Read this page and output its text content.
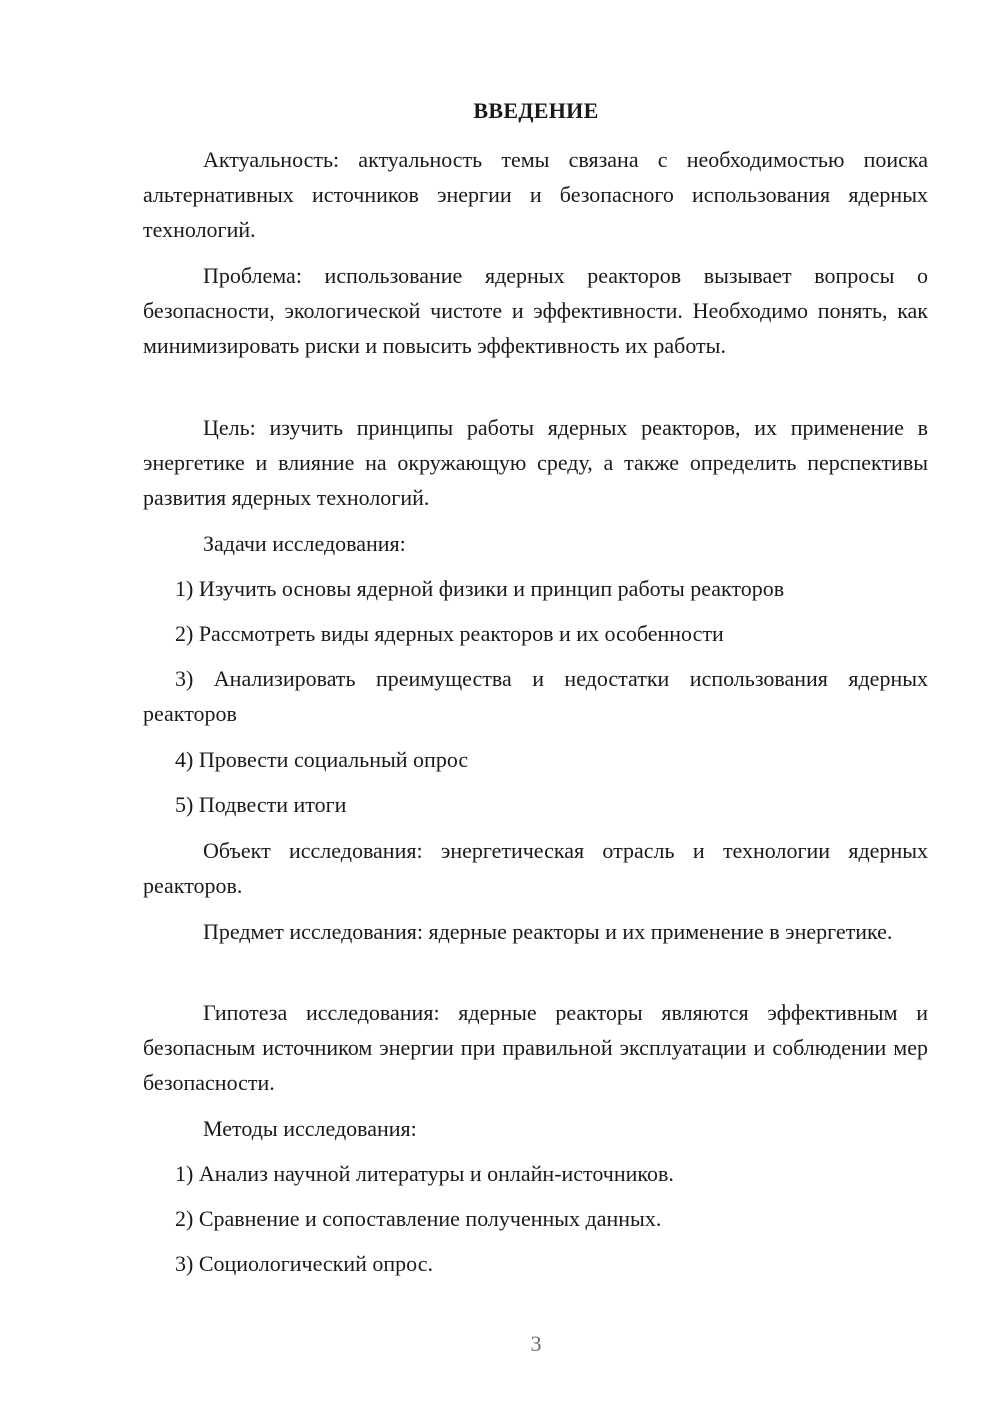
ВВЕДЕНИЕ
Актуальность: актуальность темы связана с необходимостью поиска альтернативных источников энергии и безопасного использования ядерных технологий.
Проблема: использование ядерных реакторов вызывает вопросы о безопасности, экологической чистоте и эффективности. Необходимо понять, как минимизировать риски и повысить эффективность их работы.
Цель: изучить принципы работы ядерных реакторов, их применение в энергетике и влияние на окружающую среду, а также определить перспективы развития ядерных технологий.
Задачи исследования:
1) Изучить основы ядерной физики и принцип работы реакторов
2) Рассмотреть виды ядерных реакторов и их особенности
3) Анализировать преимущества и недостатки использования ядерных реакторов
4) Провести социальный опрос
5) Подвести итоги
Объект исследования: энергетическая отрасль и технологии ядерных реакторов.
Предмет исследования: ядерные реакторы и их применение в энергетике.
Гипотеза исследования: ядерные реакторы являются эффективным и безопасным источником энергии при правильной эксплуатации и соблюдении мер безопасности.
Методы исследования:
1) Анализ научной литературы и онлайн-источников.
2) Сравнение и сопоставление полученных данных.
3) Социологический опрос.
3
